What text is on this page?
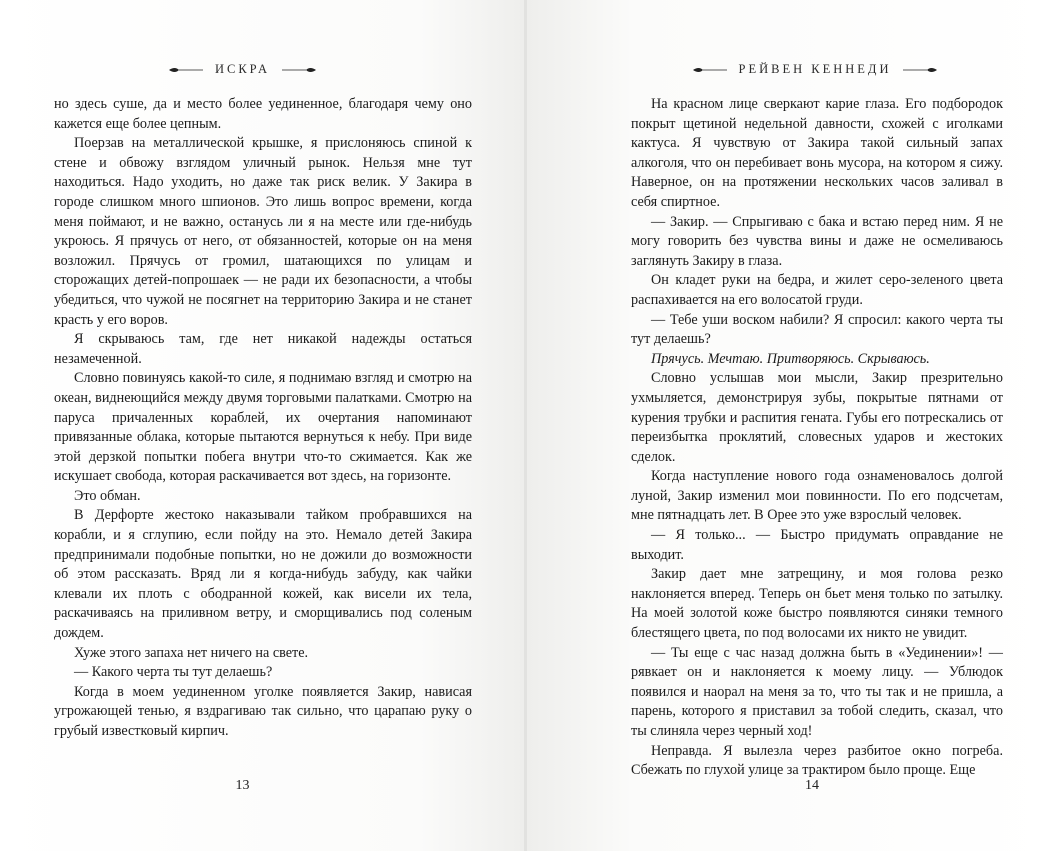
ИСКРА

но здесь суше, да и место более уединенное, благодаря чему оно кажется еще более цепным.

Поерзав на металлической крышке, я прислоняюсь спиной к стене и обвожу взглядом уличный рынок. Нельзя мне тут находиться. Надо уходить, но даже так риск велик. У Закира в городе слишком много шпионов. Это лишь вопрос времени, когда меня поймают, и не важно, останусь ли я на месте или где-нибудь укроюсь. Я прячусь от него, от обязанностей, которые он на меня возложил. Прячусь от громил, шатающихся по улицам и сторожащих детей-попрошаек — не ради их безопасности, а чтобы убедиться, что чужой не посягнет на территорию Закира и не станет красть у его воров.

Я скрываюсь там, где нет никакой надежды остаться незамеченной.

Словно повинуясь какой-то силе, я поднимаю взгляд и смотрю на океан, виднеющийся между двумя торговыми палатками. Смотрю на паруса причаленных кораблей, их очертания напоминают привязанные облака, которые пытаются вернуться к небу. При виде этой дерзкой попытки побега внутри что-то сжимается. Как же искушает свобода, которая раскачивается вот здесь, на горизонте.

Это обман.

В Дерфорте жестоко наказывали тайком пробравшихся на корабли, и я сглупию, если пойду на это. Немало детей Закира предпринимали подобные попытки, но не дожили до возможности об этом рассказать. Вряд ли я когда-нибудь забуду, как чайки клевали их плоть с ободранной кожей, как висели их тела, раскачиваясь на приливном ветру, и сморщивались под соленым дождем.

Хуже этого запаха нет ничего на свете.

— Какого черта ты тут делаешь?

Когда в моем уединенном уголке появляется Закир, нависая угрожающей тенью, я вздрагиваю так сильно, что царапаю руку о грубый известковый кирпич.

13
РЕЙВЕН КЕННЕДИ

На красном лице сверкают карие глаза. Его подбородок покрыт щетиной недельной давности, схожей с иголками кактуса. Я чувствую от Закира такой сильный запах алкоголя, что он перебивает вонь мусора, на котором я сижу. Наверное, он на протяжении нескольких часов заливал в себя спиртное.

— Закир. — Спрыгиваю с бака и встаю перед ним. Я не могу говорить без чувства вины и даже не осмеливаюсь заглянуть Закиру в глаза.

Он кладет руки на бедра, и жилет серо-зеленого цвета распахивается на его волосатой груди.

— Тебе уши воском набили? Я спросил: какого черта ты тут делаешь?

Прячусь. Мечтаю. Притворяюсь. Скрываюсь.

Словно услышав мои мысли, Закир презрительно ухмыляется, демонстрируя зубы, покрытые пятнами от курения трубки и распития гената. Губы его потрескались от переизбытка проклятий, словесных ударов и жестоких сделок.

Когда наступление нового года ознаменовалось долгой луной, Закир изменил мои повинности. По его подсчетам, мне пятнадцать лет. В Орее это уже взрослый человек.

— Я только... — Быстро придумать оправдание не выходит.

Закир дает мне затрещину, и моя голова резко наклоняется вперед. Теперь он бьет меня только по затылку. На моей золотой коже быстро появляются синяки темного блестящего цвета, по под волосами их никто не увидит.

— Ты еще с час назад должна быть в «Уединении»! — рявкает он и наклоняется к моему лицу. — Ублюдок появился и наорал на меня за то, что ты так и не пришла, а парень, которого я приставил за тобой следить, сказал, что ты слиняла через черный ход!

Неправда. Я вылезла через разбитое окно погреба. Сбежать по глухой улице за трактиром было проще. Еще

14
